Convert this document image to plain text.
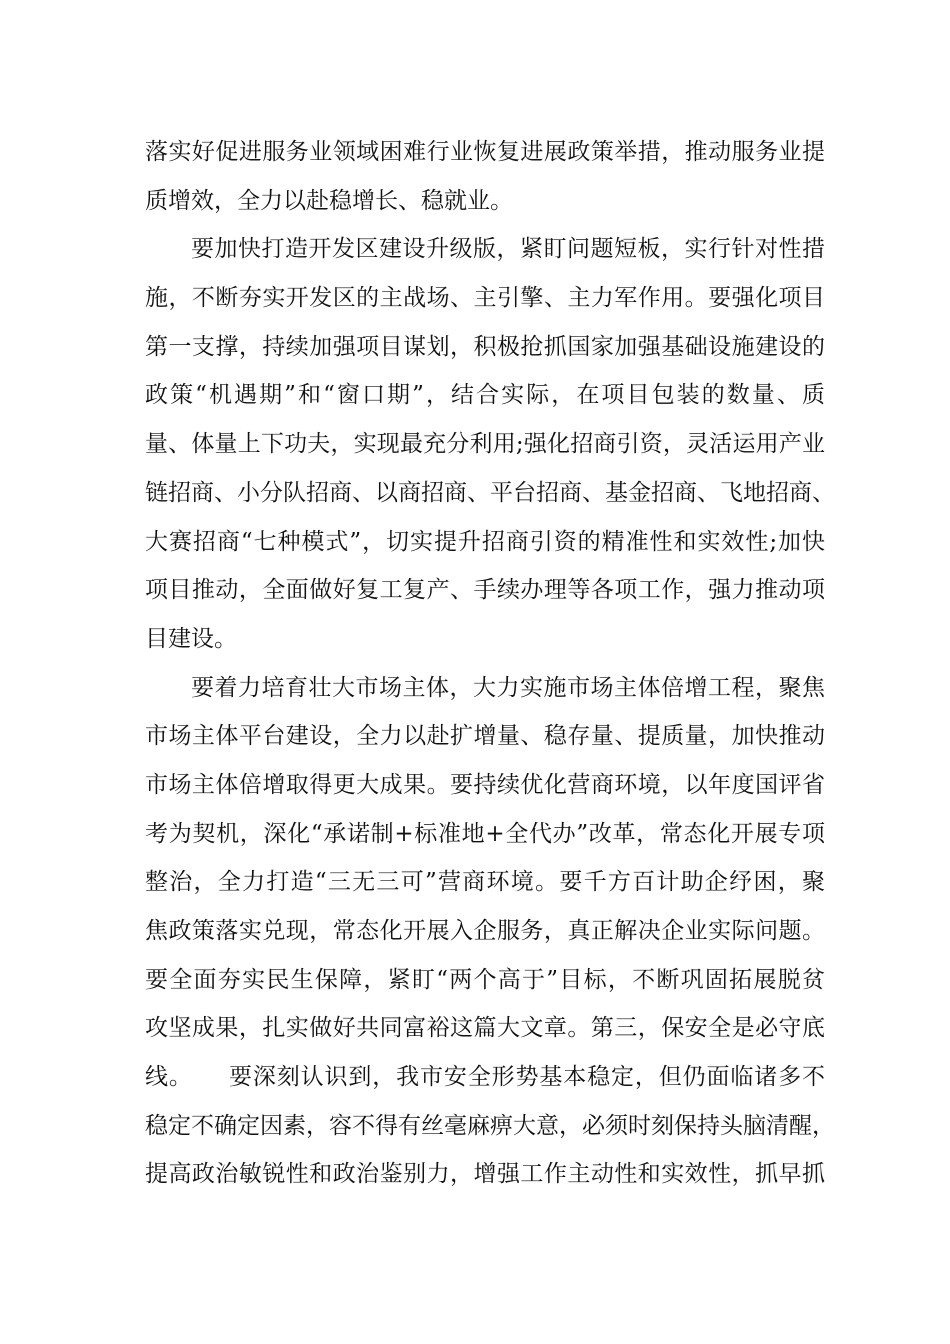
落实好促进服务业领域困难行业恢复进展政策举措，推动服务业提
质增效，全力以赴稳增长、稳就业。
要加快打造开发区建设升级版，紧盯问题短板，实行针对性措
施，不断夯实开发区的主战场、主引擎、主力军作用。要强化项目
第一支撑，持续加强项目谋划，积极抢抓国家加强基础设施建设的
政策“机遇期”和“窗口期”，结合实际，在项目包装的数量、质
量、体量上下功夫，实现最充分利用;强化招商引资，灵活运用产业
链招商、小分队招商、以商招商、平台招商、基金招商、飞地招商、
大赛招商“七种模式”，切实提升招商引资的精准性和实效性;加快
项目推动，全面做好复工复产、手续办理等各项工作，强力推动项
目建设。
要着力培育壮大市场主体，大力实施市场主体倍增工程，聚焦
市场主体平台建设，全力以赴扩增量、稳存量、提质量，加快推动
市场主体倍增取得更大成果。要持续优化营商环境，以年度国评省
考为契机，深化“承诺制+标准地+全代办”改革，常态化开展专项
整治，全力打造“三无三可”营商环境。要千方百计助企纾困，聚
焦政策落实兑现，常态化开展入企服务，真正解决企业实际问题。
要全面夯实民生保障，紧盯“两个高于”目标，不断巩固拓展脱贫
攻坚成果，扎实做好共同富裕这篇大文章。第三，保安全是必守底
线。　　要深刻认识到，我市安全形势基本稳定，但仍面临诸多不
稳定不确定因素，容不得有丝毫麻痹大意，必须时刻保持头脑清醒，
提高政治敏锐性和政治鉴别力，增强工作主动性和实效性，抓早抓
